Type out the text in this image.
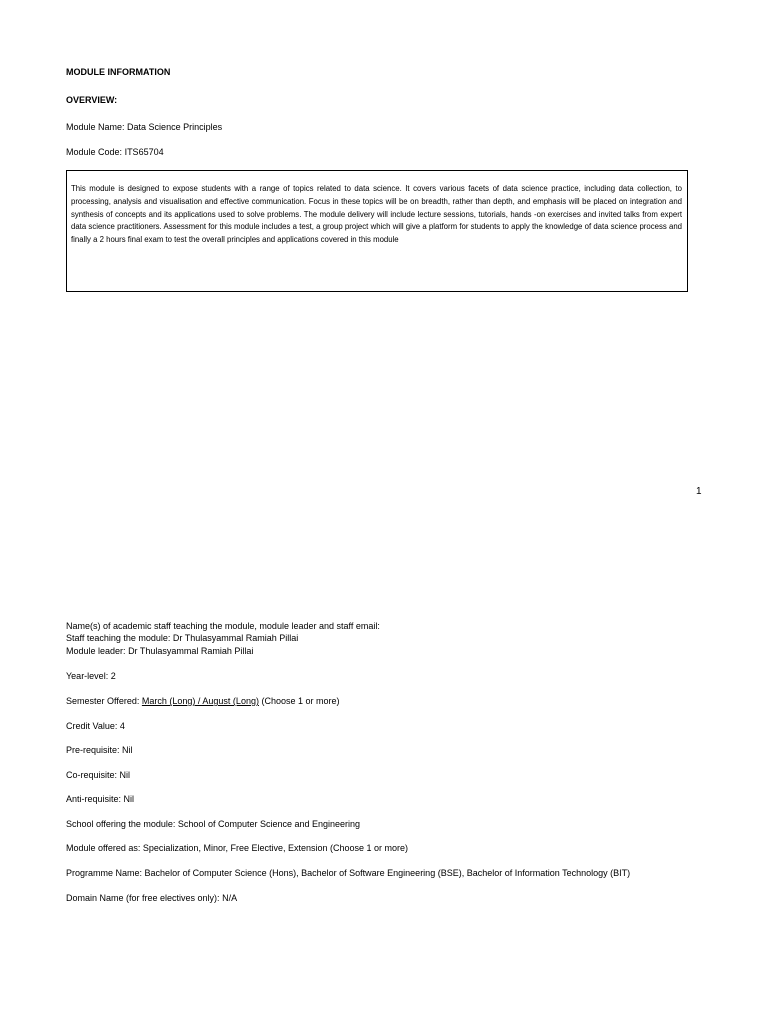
MODULE INFORMATION
OVERVIEW:
Module Name: Data Science Principles
Module Code: ITS65704

This module is designed to expose students with a range of topics related to data science. It covers various facets of data science practice, including data collection, to processing, analysis and visualisation and effective communication. Focus in these topics will be on breadth, rather than depth, and emphasis will be placed on integration and synthesis of concepts and its applications used to solve problems. The module delivery will include lecture sessions, tutorials, hands -on exercises and invited talks from expert data science practitioners. Assessment for this module includes a test, a group project which will give a platform for students to apply the knowledge of data science process and finally a 2 hours final exam to test the overall principles and applications covered in this module

1
Name(s) of academic staff teaching the module, module leader and staff email:
Staff teaching the module: Dr Thulasyammal Ramiah Pillai
Module leader: Dr Thulasyammal Ramiah Pillai
Year-level: 2
Semester Offered: March (Long) / August (Long) (Choose 1 or more)
Credit Value: 4
Pre-requisite: Nil
Co-requisite: Nil
Anti-requisite: Nil
School offering the module: School of Computer Science and Engineering
Module offered as: Specialization, Minor, Free Elective, Extension (Choose 1 or more)
Programme Name: Bachelor of Computer Science (Hons), Bachelor of Software Engineering (BSE), Bachelor of Information Technology (BIT)
Domain Name (for free electives only): N/A
